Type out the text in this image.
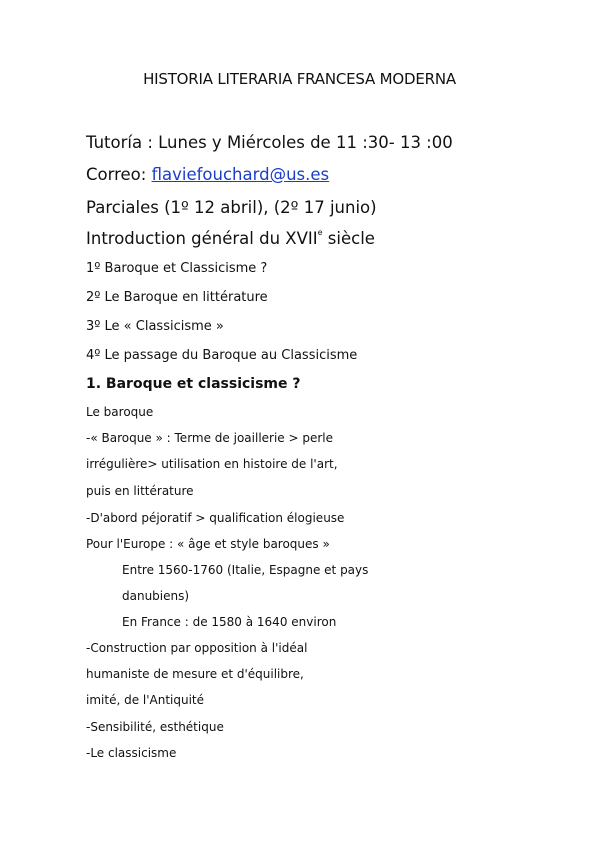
HISTORIA LITERARIA FRANCESA MODERNA
Tutoría : Lunes y Miércoles de 11 :30- 13 :00
Correo: flaviefouchard@us.es
Parciales (1º 12 abril), (2º 17 junio)
Introduction général du XVIIe siècle
1º Baroque et Classicisme ?
2º Le Baroque en littérature
3º Le « Classicisme »
4º Le passage du Baroque au Classicisme
1. Baroque et classicisme ?
Le baroque
-« Baroque » : Terme de joaillerie > perle
irrégulière> utilisation en histoire de l'art,
puis en littérature
-D'abord péjoratif > qualification élogieuse
Pour l'Europe : « âge et style baroques »
Entre 1560-1760 (Italie, Espagne et pays
danubiens)
En France : de 1580 à 1640 environ
-Construction par opposition à l'idéal
humaniste de mesure et d'équilibre,
imité, de l'Antiquité
-Sensibilité, esthétique
-Le classicisme
